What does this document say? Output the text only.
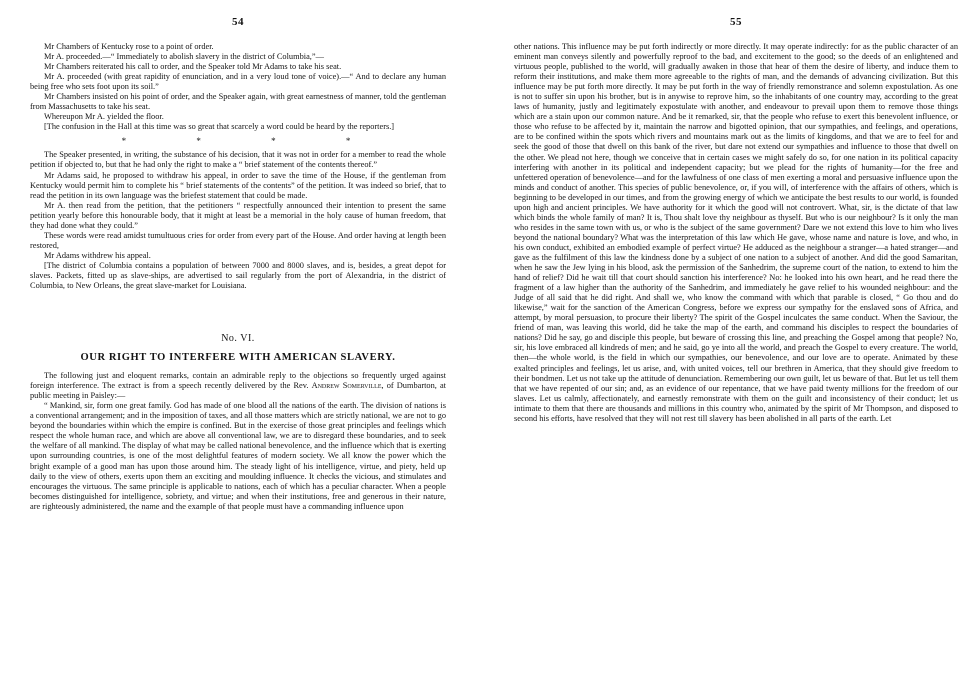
54

Mr Chambers of Kentucky rose to a point of order.

Mr A. proceeded.—“ Immediately to abolish slavery in the district of Columbia,”—

Mr Chambers reiterated his call to order, and the Speaker told Mr Adams to take his seat.

Mr A. proceeded (with great rapidity of enunciation, and in a very loud tone of voice).—“ And to declare any human being free who sets foot upon its soil.”

Mr Chambers insisted on his point of order, and the Speaker again, with great earnestness of manner, told the gentleman from Massachusetts to take his seat.

Whereupon Mr A. yielded the floor.

[The confusion in the Hall at this time was so great that scarcely a word could be heard by the reporters.]

* * * *

The Speaker presented, in writing, the substance of his decision, that it was not in order for a member to read the whole petition if objected to, but that he had only the right to make a “ brief statement of the contents thereof.”

Mr Adams said, he proposed to withdraw his appeal, in order to save the time of the House, if the gentleman from Kentucky would permit him to complete his “ brief statements of the contents” of the petition. It was indeed so brief, that to read the petition in its own language was the briefest statement that could be made.

Mr A. then read from the petition, that the petitioners “ respectfully announced their intention to present the same petition yearly before this honourable body, that it might at least be a memorial in the holy cause of human freedom, that they had done what they could.”

These words were read amidst tumultuous cries for order from every part of the House. And order having at length been restored,

Mr Adams withdrew his appeal.

[The district of Columbia contains a population of between 7000 and 8000 slaves, and is, besides, a great depot for slaves. Packets, fitted up as slave-ships, are advertised to sail regularly from the port of Alexandria, in the district of Columbia, to New Orleans, the great slave-market for Louisiana.

No. VI.
OUR RIGHT TO INTERFERE WITH AMERICAN SLAVERY.

The following just and eloquent remarks, contain an admirable reply to the objections so frequently urged against foreign interference. The extract is from a speech recently delivered by the Rev. Andrew Somerville, of Dumbarton, at public meeting in Paisley:—

“ Mankind, sir, form one great family. God has made of one blood all the nations of the earth. The division of nations is a conventional arrangement; and in the imposition of taxes, and all those matters which are strictly national, we are not to go beyond the boundaries within which the empire is confined. But in the exercise of those great principles and feelings which respect the whole human race, and which are above all conventional law, we are to disregard these boundaries, and to seek the welfare of all mankind. The display of what may be called national benevolence, and the influence which that is exerting upon surrounding countries, is one of the most delightful features of modern society. We all know the power which the bright example of a good man has upon those around him. The steady light of his intelligence, virtue, and piety, held up daily to the view of others, exerts upon them an exciting and moulding influence. It checks the vicious, and stimulates and encourages the virtuous. The same principle is applicable to nations, each of which has a peculiar character. When a people becomes distinguished for intelligence, sobriety, and virtue; and when their institutions, free and generous in their nature, are righteously administered, the name and the example of that people must have a commanding influence upon

55

other nations. This influence may be put forth indirectly or more directly. It may operate indirectly: for as the public character of an eminent man conveys silently and powerfully reproof to the bad, and excitement to the good; so the deeds of an enlightened and virtuous people, published to the world, will gradually awaken in those that hear of them the desire of liberty, and induce them to reform their institutions, and make them more agreeable to the rights of man, and the demands of advancing civilization. But this influence may be put forth more directly. It may be put forth in the way of friendly remonstrance and solemn expostulation. As one is not to suffer sin upon his brother, but is in anywise to reprove him, so the inhabitants of one country may, according to the great laws of humanity, justly and legitimately expostulate with another, and endeavour to prevail upon them to remove those things which are a stain upon our common nature. And be it remarked, sir, that the people who refuse to exert this benevolent influence, or those who refuse to be affected by it, maintain the narrow and bigotted opinion, that our sympathies, and feelings, and operations, are to be confined within the spots which rivers and mountains mark out as the limits of kingdoms, and that we are to feel for and seek the good of those that dwell on this bank of the river, but dare not extend our sympathies and influence to those that dwell on the other. We plead not here, though we conceive that in certain cases we might safely do so, for one nation in its political capacity interfering with another in its political and independent capacity; but we plead for the rights of humanity—for the free and unfettered operation of benevolence—and for the lawfulness of one class of men exerting a moral and persuasive influence upon the minds and conduct of another. This species of public benevolence, or, if you will, of interference with the affairs of others, which is beginning to be developed in our times, and from the growing energy of which we anticipate the best results to our world, is founded upon high and ancient principles. We have authority for it which the good will not controvert. What, sir, is the dictate of that law which binds the whole family of man? It is, Thou shalt love thy neighbour as thyself. But who is our neighbour? Is it only the man who resides in the same town with us, or who is the subject of the same government? Dare we not extend this love to him who lives beyond the national boundary? What was the interpretation of this law which He gave, whose name and nature is love, and who, in his own conduct, exhibited an embodied example of perfect virtue? He adduced as the neighbour a stranger—a hated stranger—and gave as the fulfilment of this law the kindness done by a subject of one nation to a subject of another. And did the good Samaritan, when he saw the Jew lying in his blood, ask the permission of the Sanhedrim, the supreme court of the nation, to extend to him the hand of relief? Did he wait till that court should sanction his interference? No: he looked into his own heart, and he read there the fragment of a law higher than the authority of the Sanhedrim, and immediately he gave relief to his wounded neighbour: and the Judge of all said that he did right. And shall we, who know the command with which that parable is closed, “ Go thou and do likewise,” wait for the sanction of the American Congress, before we express our sympathy for the enslaved sons of Africa, and attempt, by moral persuasion, to procure their liberty? The spirit of the Gospel inculcates the same conduct. When the Saviour, the friend of man, was leaving this world, did he take the map of the earth, and command his disciples to respect the boundaries of nations? Did he say, go and disciple this people, but beware of crossing this line, and preaching the Gospel among that people? No, sir, his love embraced all kindreds of men; and he said, go ye into all the world, and preach the Gospel to every creature. The world, then—the whole world, is the field in which our sympathies, our benevolence, and our love are to operate. Animated by these exalted principles and feelings, let us arise, and, with united voices, tell our brethren in America, that they should give freedom to their bondmen. Let us not take up the attitude of denunciation. Remembering our own guilt, let us beware of that. But let us tell them that we have repented of our sin; and, as an evidence of our repentance, that we have paid twenty millions for the freedom of our slaves. Let us calmly, affectionately, and earnestly remonstrate with them on the guilt and inconsistency of their conduct; let us intimate to them that there are thousands and millions in this country who, animated by the spirit of Mr Thompson, and disposed to second his efforts, have resolved that they will not rest till slavery has been abolished in all parts of the earth. Let
